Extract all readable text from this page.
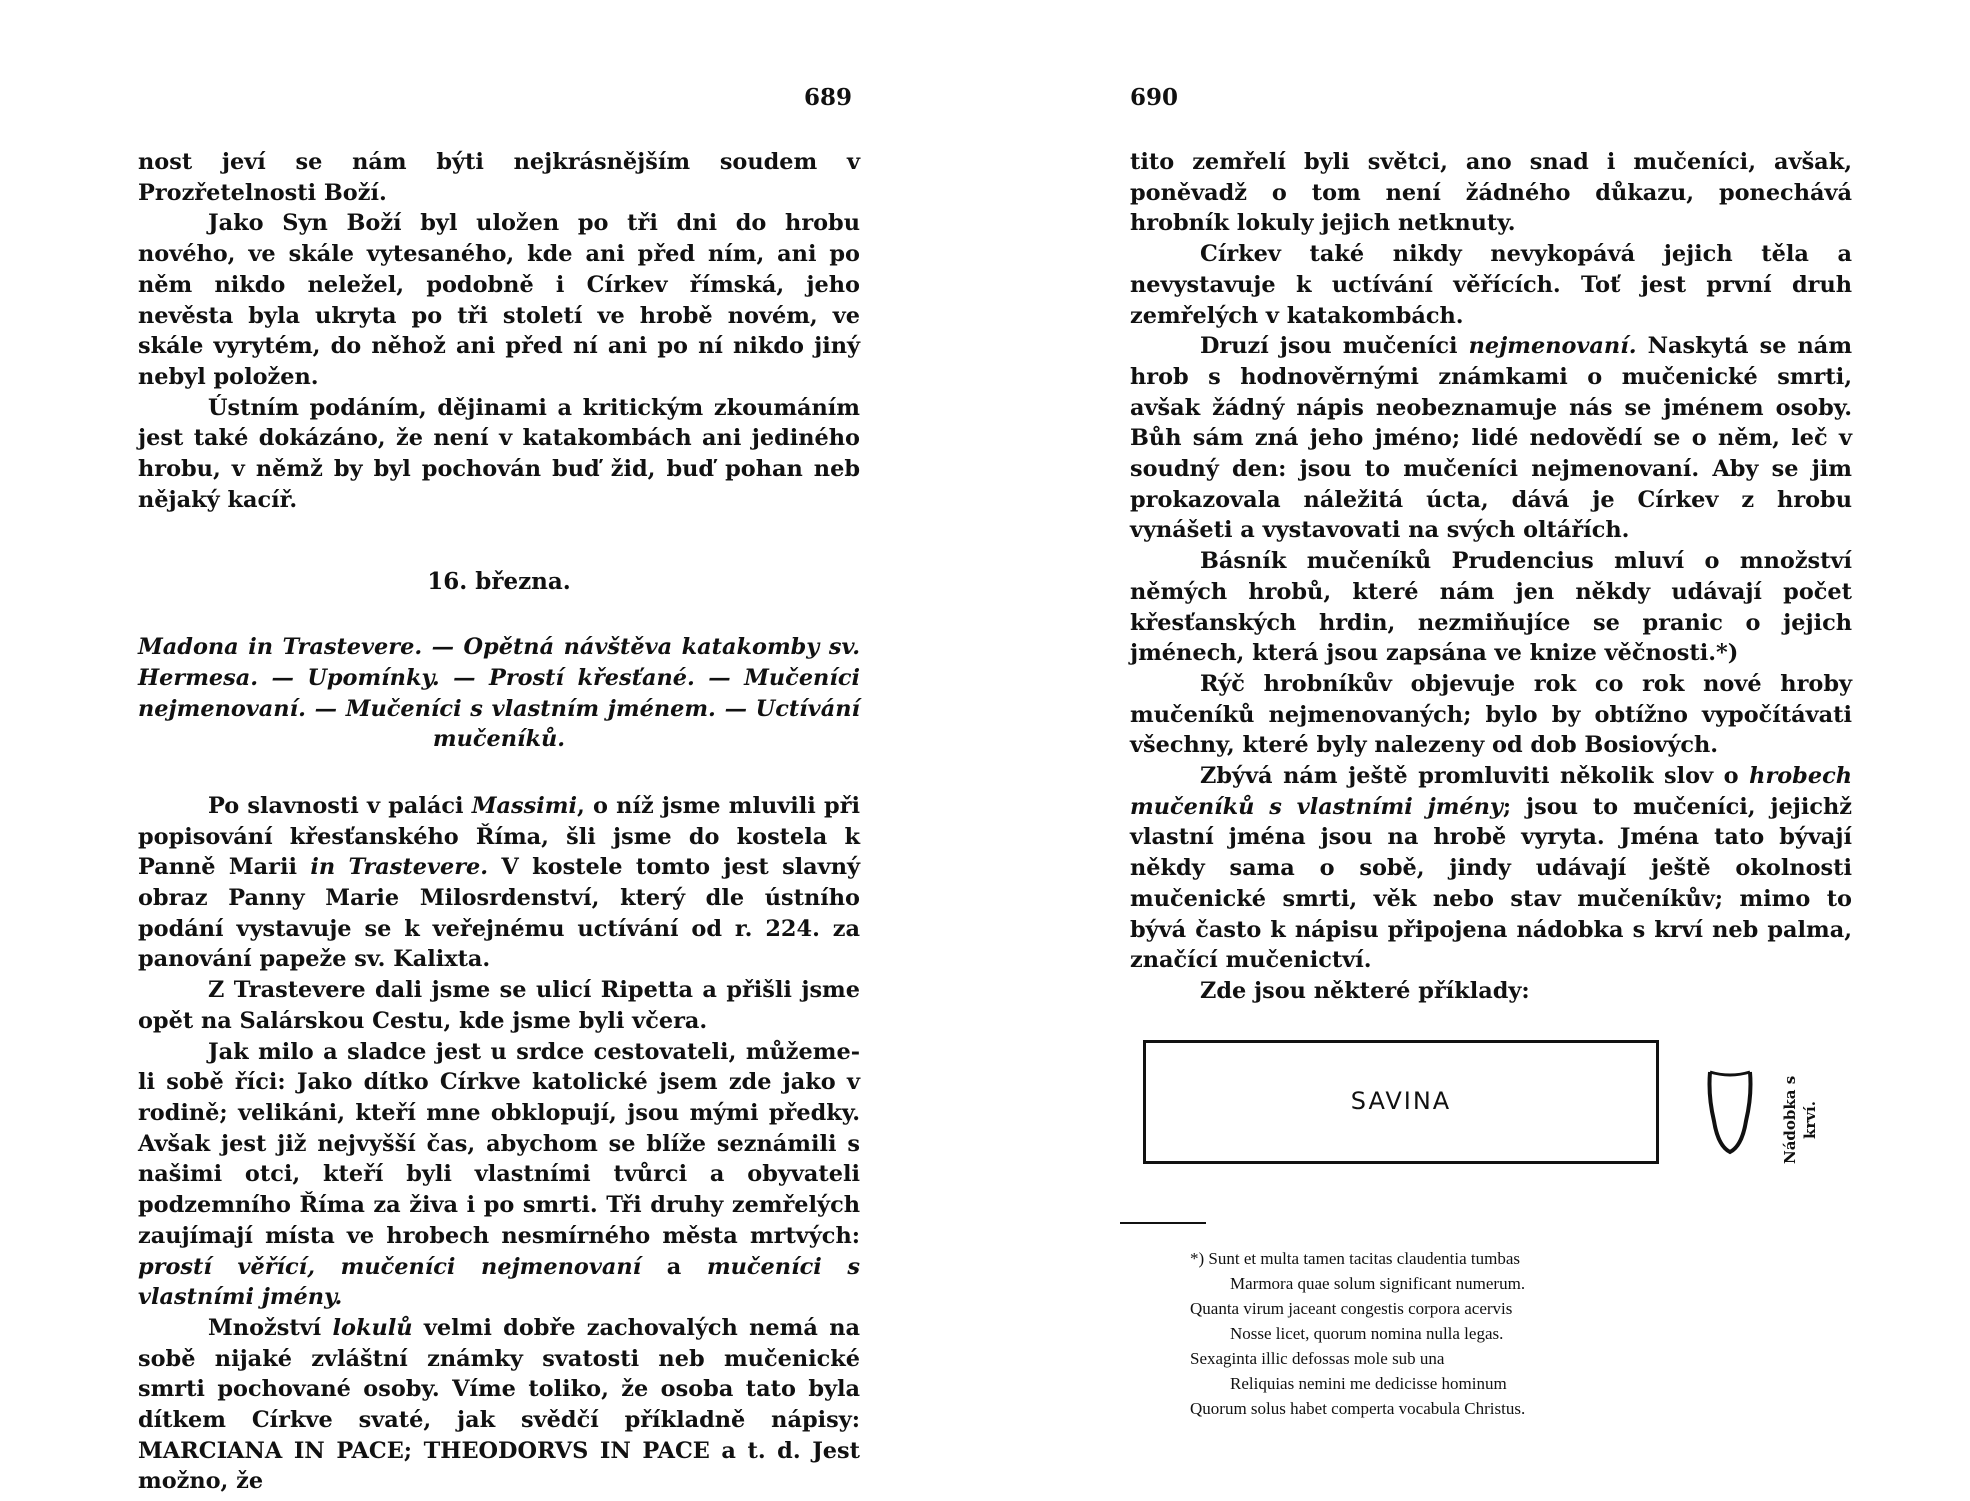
689

nost jeví se nám býti nejkrásnějším soudem v Prozřetelnosti Boží.

Jako Syn Boží byl uložen po tři dni do hrobu nového, ve skále vytesaného, kde ani před ním, ani po něm nikdo neležel, podobně i Církev římská, jeho nevěsta byla ukryta po tři století ve hrobě novém, ve skále vyrytém, do něhož ani před ní ani po ní nikdo jiný nebyl položen.

Ústním podáním, dějinami a kritickým zkoumáním jest také dokázáno, že není v katakombách ani jediného hrobu, v němž by byl pochován buď žid, buď pohan neb nějaký kacíř.

16. března.

Madona in Trastevere. — Opětná návštěva katakomby sv. Hermesa. — Upomínky. — Prostí křesťané. — Mučeníci nejmenovaní. — Mučeníci s vlastním jménem. — Uctívání mučeníků.

Po slavnosti v paláci Massimi, o níž jsme mluvili při popisování křesťanského Říma, šli jsme do kostela k Panně Marii in Trastevere. V kostele tomto jest slavný obraz Panny Marie Milosrdenství, který dle ústního podání vystavuje se k veřejnému uctívání od r. 224. za panování papeže sv. Kalixta.

Z Trastevere dali jsme se ulicí Ripetta a přišli jsme opět na Salárskou Cestu, kde jsme byli včera.

Jak milo a sladce jest u srdce cestovateli, můžeme-li sobě říci: Jako dítko Církve katolické jsem zde jako v rodině; velikáni, kteří mne obklopují, jsou mými předky. Avšak jest již nejvyšší čas, abychom se blíže seznámili s našimi otci, kteří byli vlastními tvůrci a obyvateli podzemního Říma za živa i po smrti. Tři druhy zemřelých zaujímají místa ve hrobech nesmírného města mrtvých: prostí věřící, mučeníci nejmenovaní a mučeníci s vlastními jmény.

Množství lokulů velmi dobře zachovalých nemá na sobě nijaké zvláštní známky svatosti neb mučenické smrti pochované osoby. Víme toliko, že osoba tato byla dítkem Církve svaté, jak svědčí příkladně nápisy: MARCIANA IN PACE; THEODORVS IN PACE a t. d. Jest možno, že

690

tito zemřelí byli světci, ano snad i mučeníci, avšak, poněvadž o tom není žádného důkazu, ponechává hrobník lokuly jejich netknuty.

Církev také nikdy nevykopává jejich těla a nevystavuje k uctívání věřících. Toť jest první druh zemřelých v katakombách.

Druzí jsou mučeníci nejmenovaní. Naskytá se nám hrob s hodnověrnými známkami o mučenické smrti, avšak žádný nápis neobeznamuje nás se jménem osoby. Bůh sám zná jeho jméno; lidé nedovědí se o něm, leč v soudný den: jsou to mučeníci nejmenovaní. Aby se jim prokazovala náležitá úcta, dává je Církev z hrobu vynášeti a vystavovati na svých oltářích.

Básník mučeníků Prudencius mluví o množství němých hrobů, které nám jen někdy udávají počet křesťanských hrdin, nezmiňujíce se pranic o jejich jménech, která jsou zapsána ve knize věčnosti.*)

Rýč hrobníkův objevuje rok co rok nové hroby mučeníků nejmenovaných; bylo by obtížno vypočítávati všechny, které byly nalezeny od dob Bosiových.

Zbývá nám ještě promluviti několik slov o hrobech mučeníků s vlastními jmény; jsou to mučeníci, jejichž vlastní jména jsou na hrobě vyryta. Jména tato bývají někdy sama o sobě, jindy udávají ještě okolnosti mučenické smrti, věk nebo stav mučeníkův; mimo to bývá často k nápisu připojena nádobka s krví neb palma, značící mučenictví.

Zde jsou některé příklady:

SAVINA	Nádobka s krví.
*) Sunt et multa tamen tacitas claudentia tumbas
Marmora quae solum significant numerum.
Quanta virum jaceant congestis corpora acervis
Nosse licet, quorum nomina nulla legas.
Sexaginta illic defossas mole sub una
Reliquias nemini me dedicisse hominum
Quorum solus habet comperta vocabula Christus.
